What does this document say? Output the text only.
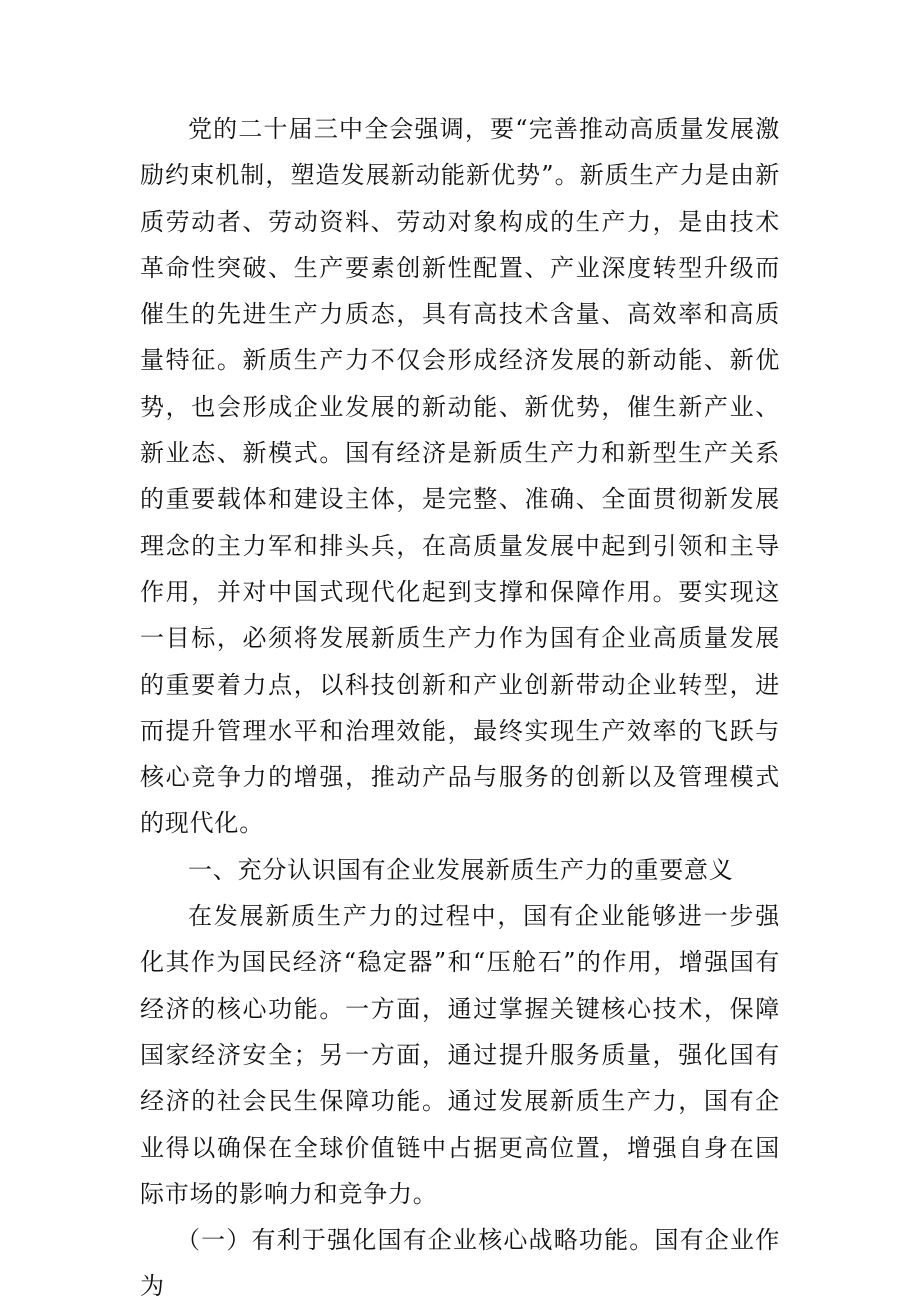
党的二十届三中全会强调，要“完善推动高质量发展激励约束机制，塑造发展新动能新优势”。新质生产力是由新质劳动者、劳动资料、劳动对象构成的生产力，是由技术革命性突破、生产要素创新性配置、产业深度转型升级而催生的先进生产力质态，具有高技术含量、高效率和高质量特征。新质生产力不仅会形成经济发展的新动能、新优势，也会形成企业发展的新动能、新优势，催生新产业、新业态、新模式。国有经济是新质生产力和新型生产关系的重要载体和建设主体，是完整、准确、全面贯彻新发展理念的主力军和排头兵，在高质量发展中起到引领和主导作用，并对中国式现代化起到支撑和保障作用。要实现这一目标，必须将发展新质生产力作为国有企业高质量发展的重要着力点，以科技创新和产业创新带动企业转型，进而提升管理水平和治理效能，最终实现生产效率的飞跃与核心竞争力的增强，推动产品与服务的创新以及管理模式的现代化。

一、充分认识国有企业发展新质生产力的重要意义

在发展新质生产力的过程中，国有企业能够进一步强化其作为国民经济“稳定器”和“压舱石”的作用，增强国有经济的核心功能。一方面，通过掌握关键核心技术，保障国家经济安全；另一方面，通过提升服务质量，强化国有经济的社会民生保障功能。通过发展新质生产力，国有企业得以确保在全球价值链中占据更高位置，增强自身在国际市场的影响力和竞争力。

（一）有利于强化国有企业核心战略功能。国有企业作为
